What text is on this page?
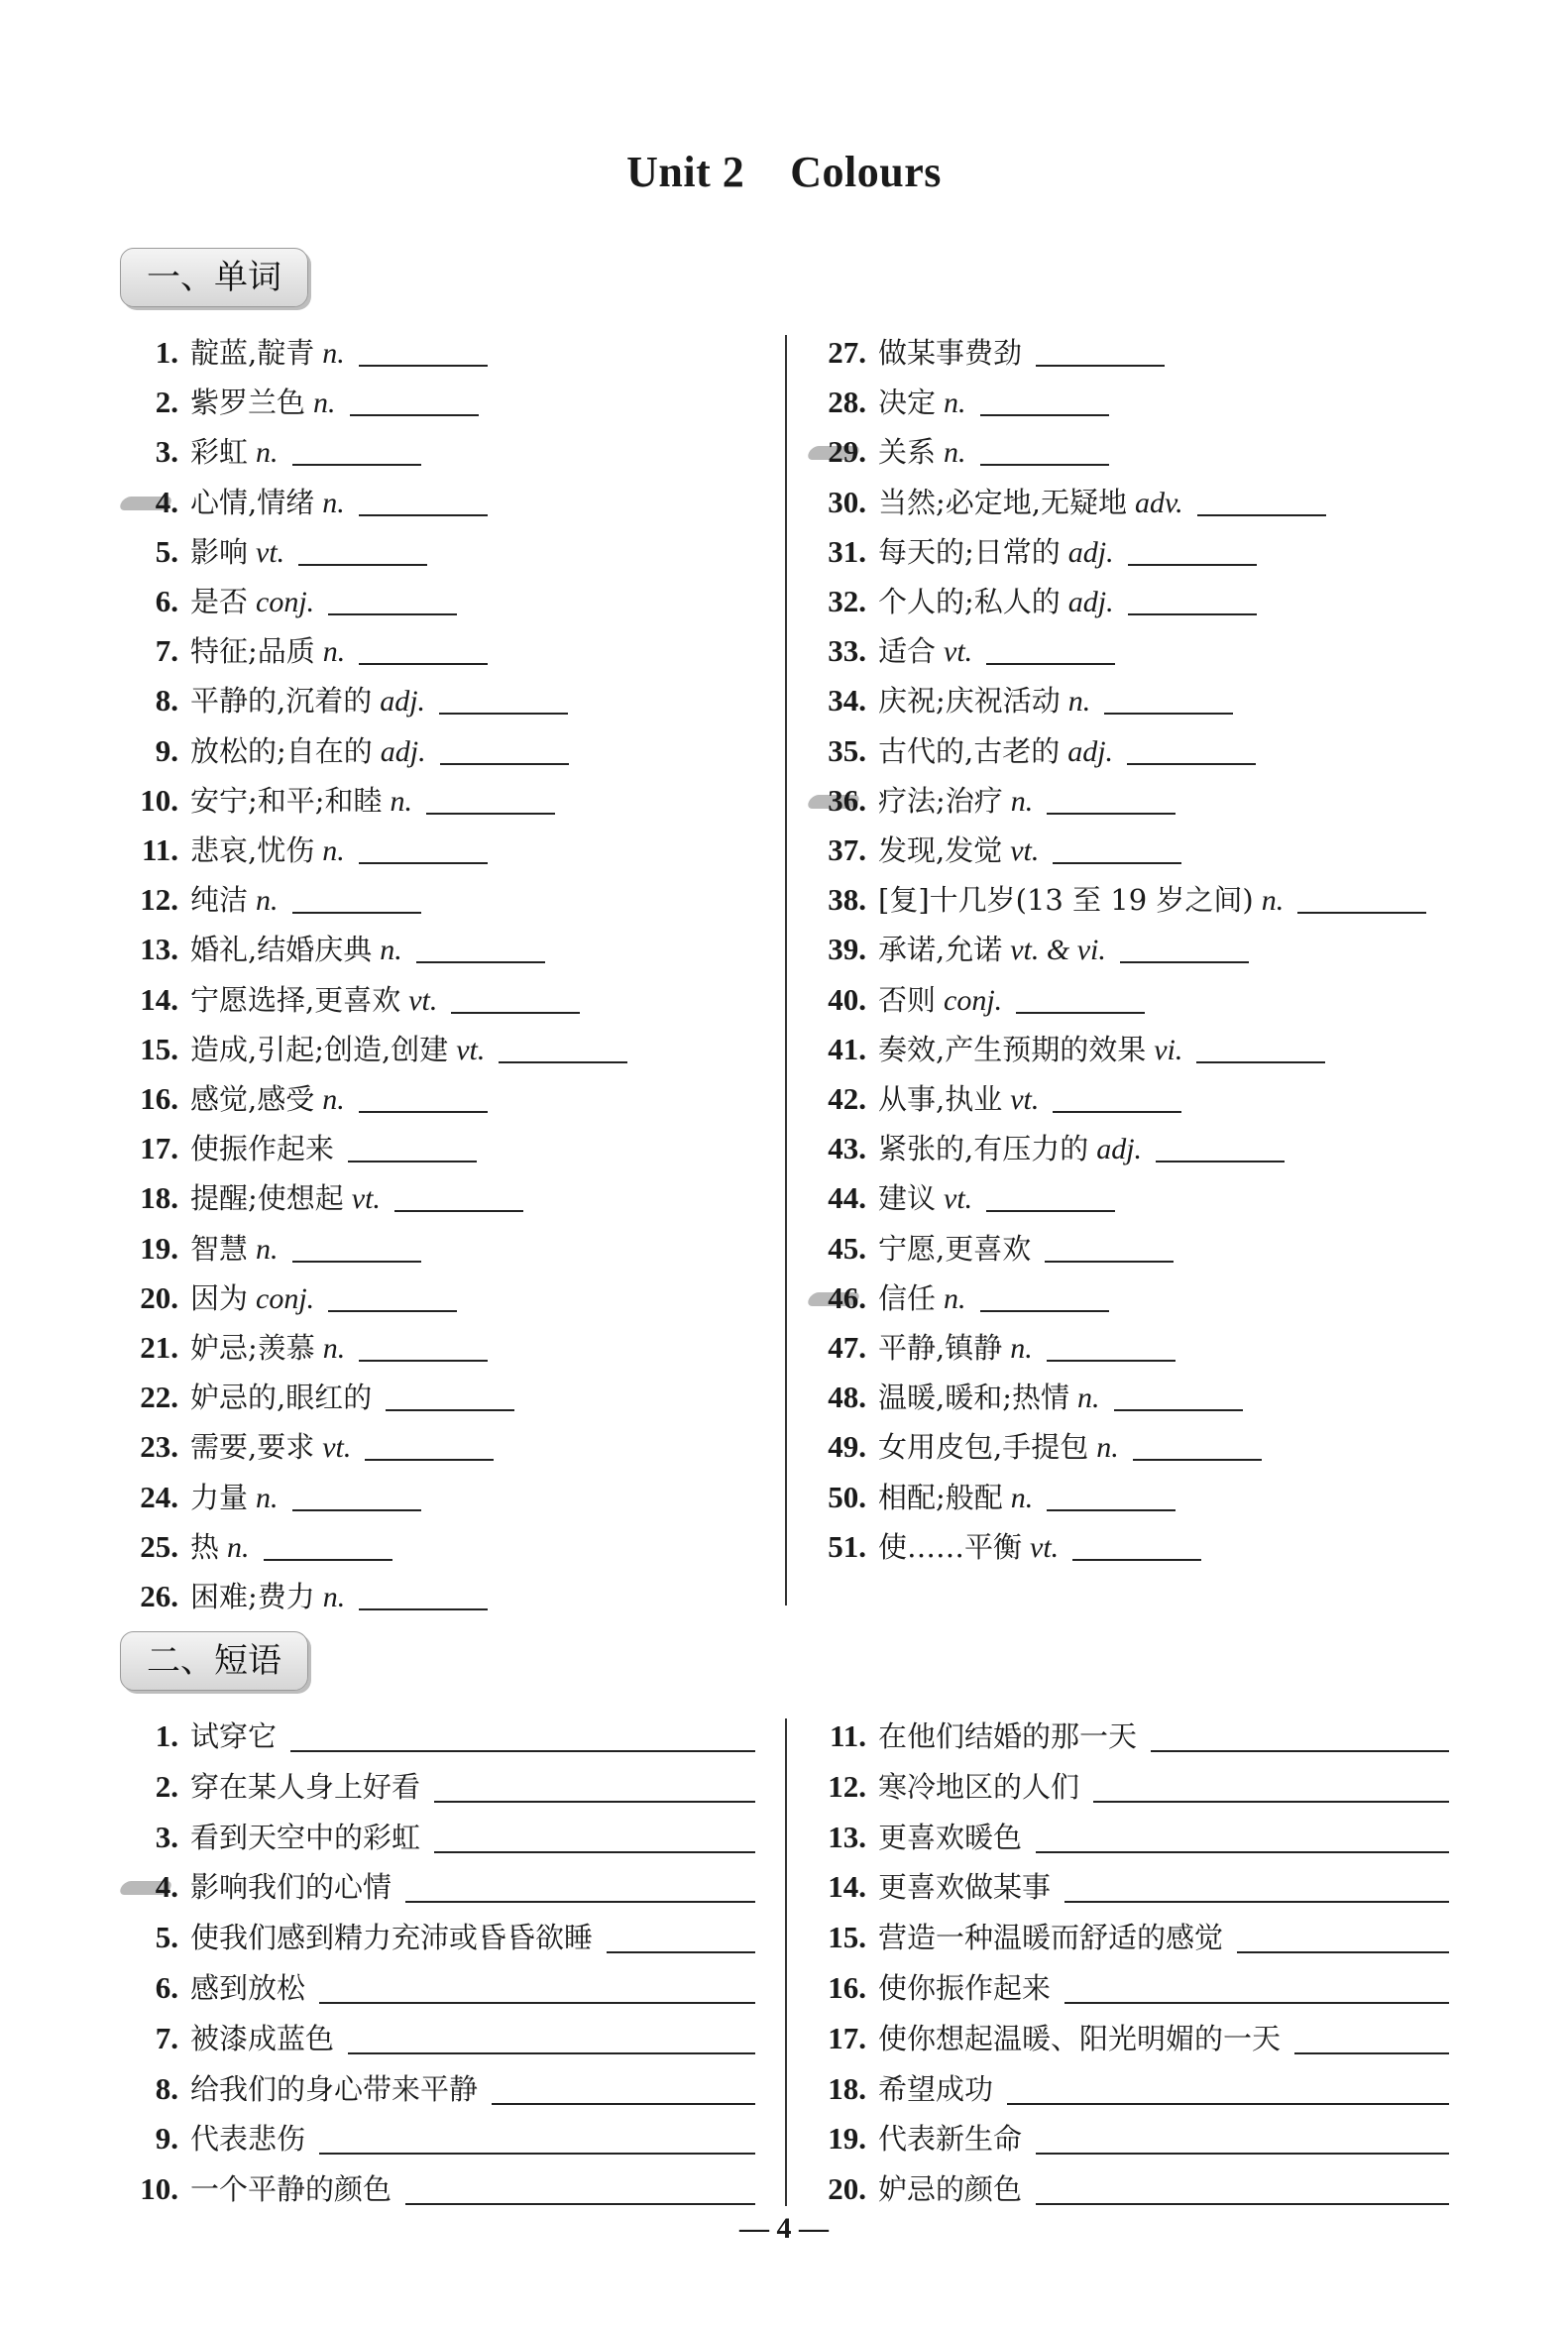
Unit 2 Colours
一、单词
1. 靛蓝,靛青 n.
2. 紫罗兰色 n.
3. 彩虹 n.
4. 心情,情绪 n.
5. 影响 vt.
6. 是否 conj.
7. 特征;品质 n.
8. 平静的,沉着的 adj.
9. 放松的;自在的 adj.
10. 安宁;和平;和睦 n.
11. 悲哀,忧伤 n.
12. 纯洁 n.
13. 婚礼,结婚庆典 n.
14. 宁愿选择,更喜欢 vt.
15. 造成,引起;创造,创建 vt.
16. 感觉,感受 n.
17. 使振作起来
18. 提醒;使想起 vt.
19. 智慧 n.
20. 因为 conj.
21. 妒忌;羡慕 n.
22. 妒忌的,眼红的
23. 需要,要求 vt.
24. 力量 n.
25. 热 n.
26. 困难;费力 n.
27. 做某事费劲
28. 决定 n.
29. 关系 n.
30. 当然;必定地,无疑地 adv.
31. 每天的;日常的 adj.
32. 个人的;私人的 adj.
33. 适合 vt.
34. 庆祝;庆祝活动 n.
35. 古代的,古老的 adj.
36. 疗法;治疗 n.
37. 发现,发觉 vt.
38. [复]十几岁(13 至 19 岁之间) n.
39. 承诺,允诺 vt. & vi.
40. 否则 conj.
41. 奏效,产生预期的效果 vi.
42. 从事,执业 vt.
43. 紧张的,有压力的 adj.
44. 建议 vt.
45. 宁愿,更喜欢
46. 信任 n.
47. 平静,镇静 n.
48. 温暖,暖和;热情 n.
49. 女用皮包,手提包 n.
50. 相配;般配 n.
51. 使……平衡 vt.
二、短语
1. 试穿它
2. 穿在某人身上好看
3. 看到天空中的彩虹
4. 影响我们的心情
5. 使我们感到精力充沛或昏昏欲睡
6. 感到放松
7. 被漆成蓝色
8. 给我们的身心带来平静
9. 代表悲伤
10. 一个平静的颜色
11. 在他们结婚的那一天
12. 寒冷地区的人们
13. 更喜欢暖色
14. 更喜欢做某事
15. 营造一种温暖而舒适的感觉
16. 使你振作起来
17. 使你想起温暖、阳光明媚的一天
18. 希望成功
19. 代表新生命
20. 妒忌的颜色
— 4 —
